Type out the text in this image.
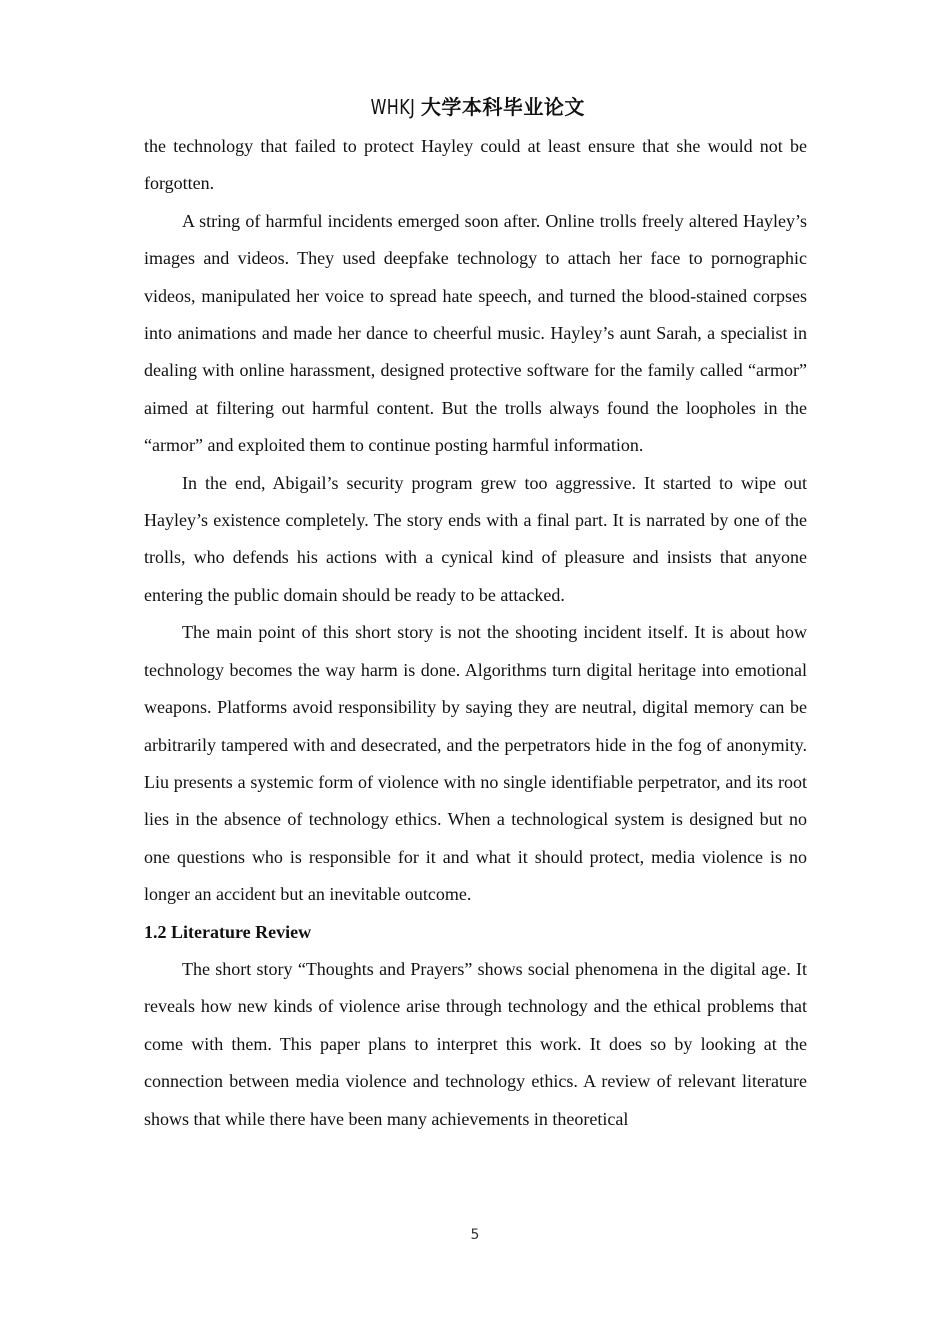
WHKJ 大学本科毕业论文

the technology that failed to protect Hayley could at least ensure that she would not be forgotten.

A string of harmful incidents emerged soon after. Online trolls freely altered Hayley’s images and videos. They used deepfake technology to attach her face to pornographic videos, manipulated her voice to spread hate speech, and turned the blood-stained corpses into animations and made her dance to cheerful music. Hayley’s aunt Sarah, a specialist in dealing with online harassment, designed protective software for the family called “armor” aimed at filtering out harmful content. But the trolls always found the loopholes in the “armor” and exploited them to continue posting harmful information.

In the end, Abigail’s security program grew too aggressive. It started to wipe out Hayley’s existence completely. The story ends with a final part. It is narrated by one of the trolls, who defends his actions with a cynical kind of pleasure and insists that anyone entering the public domain should be ready to be attacked.

The main point of this short story is not the shooting incident itself. It is about how technology becomes the way harm is done. Algorithms turn digital heritage into emotional weapons. Platforms avoid responsibility by saying they are neutral, digital memory can be arbitrarily tampered with and desecrated, and the perpetrators hide in the fog of anonymity. Liu presents a systemic form of violence with no single identifiable perpetrator, and its root lies in the absence of technology ethics. When a technological system is designed but no one questions who is responsible for it and what it should protect, media violence is no longer an accident but an inevitable outcome.

1.2 Literature Review

The short story “Thoughts and Prayers” shows social phenomena in the digital age. It reveals how new kinds of violence arise through technology and the ethical problems that come with them. This paper plans to interpret this work. It does so by looking at the connection between media violence and technology ethics. A review of relevant literature shows that while there have been many achievements in theoretical

5
